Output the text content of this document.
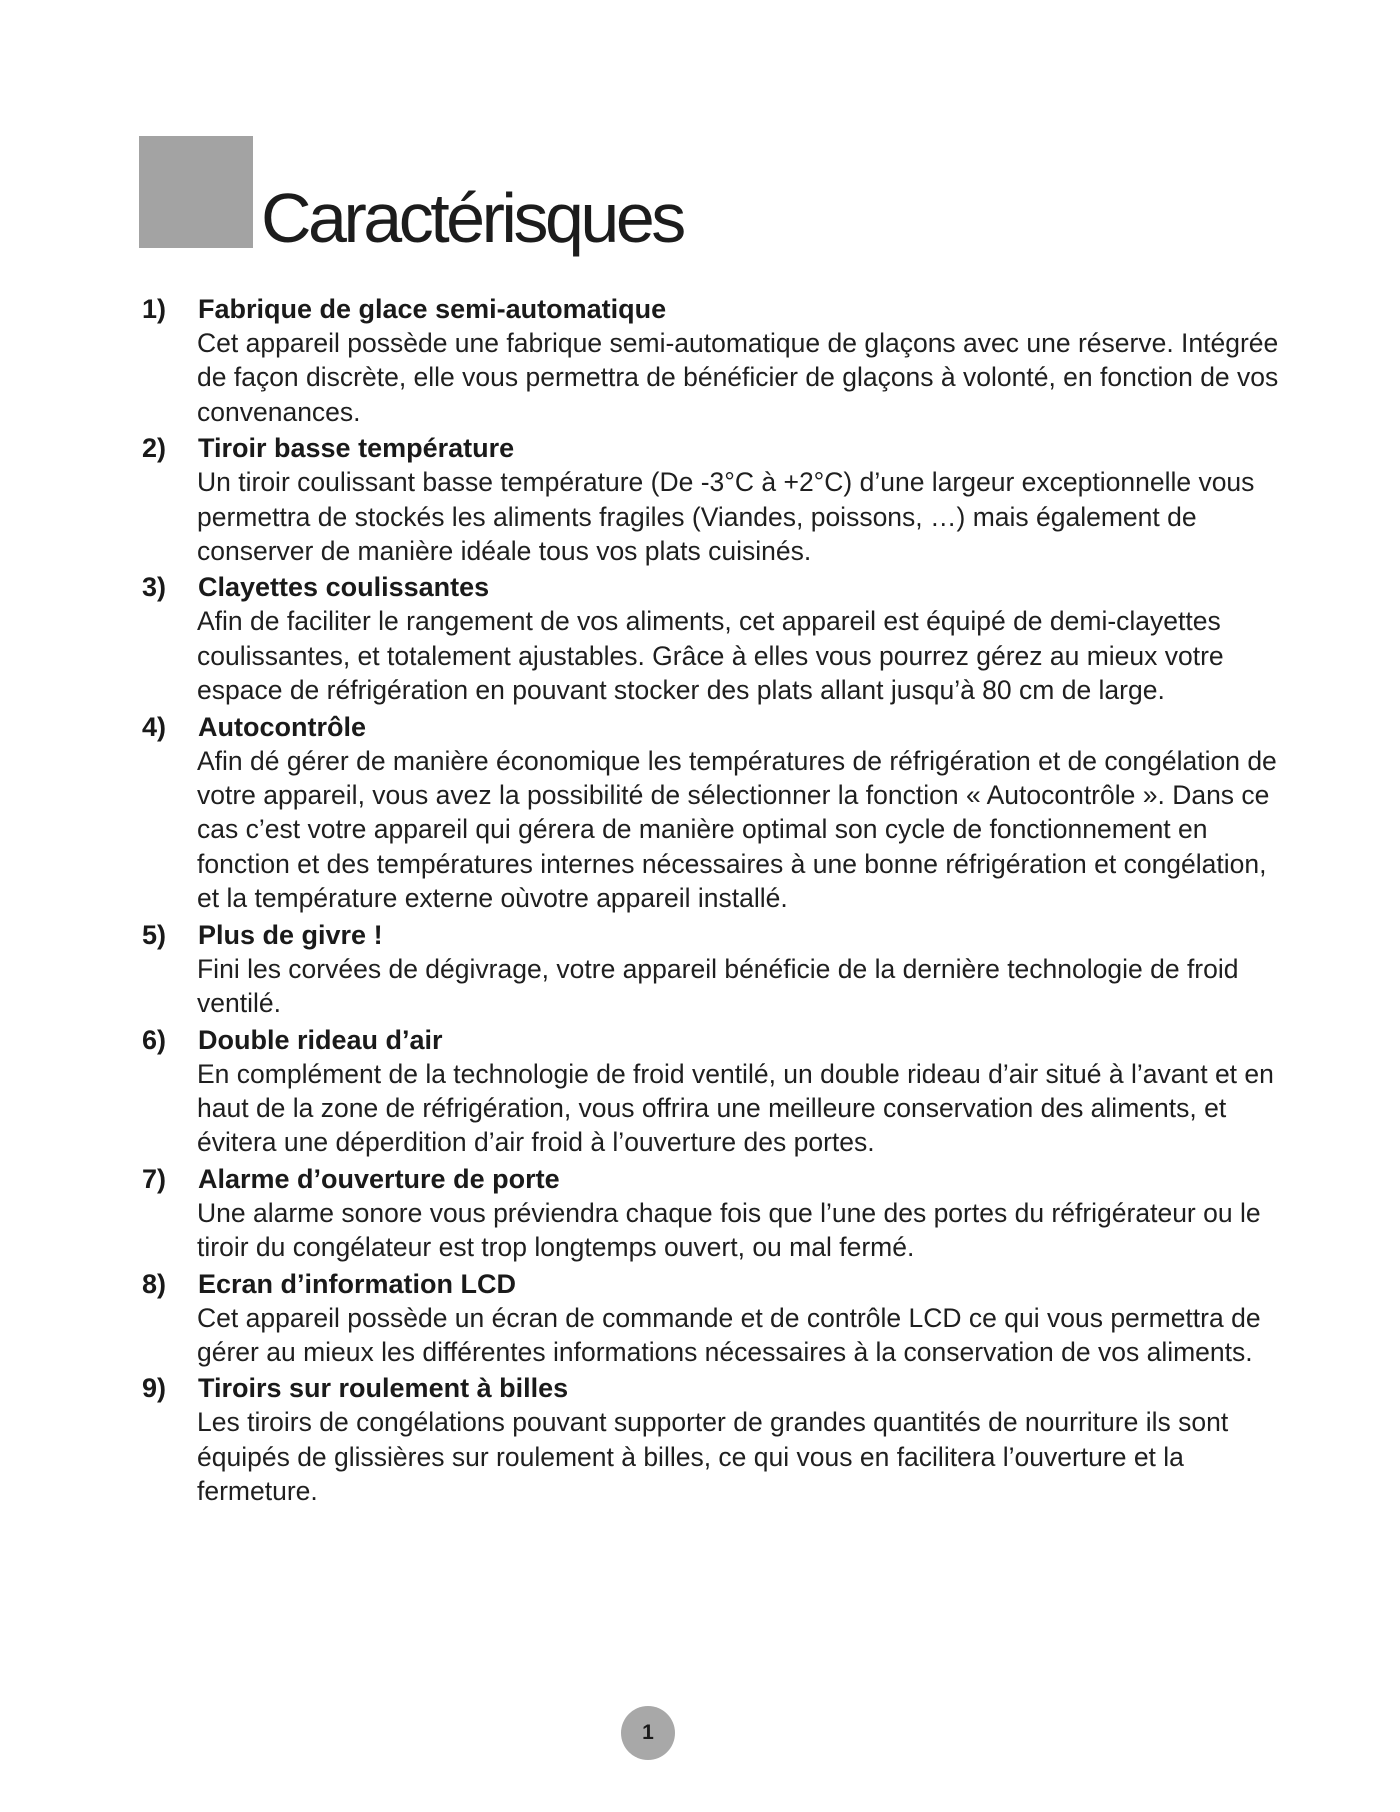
Caractérisques
1) Fabrique de glace semi-automatique
Cet appareil possède une fabrique semi-automatique de glaçons avec une réserve. Intégrée de façon discrète, elle vous permettra de bénéficier de glaçons à volonté, en fonction de vos convenances.
2) Tiroir basse température
Un tiroir coulissant basse température (De -3°C à +2°C) d’une largeur exceptionnelle vous permettra de stockés les aliments fragiles (Viandes, poissons, …) mais également de conserver de manière idéale tous vos plats cuisinés.
3) Clayettes coulissantes
Afin de faciliter le rangement de vos aliments, cet appareil est équipé de demi-clayettes coulissantes, et totalement ajustables. Grâce à elles vous pourrez gérez au mieux votre espace de réfrigération en pouvant stocker des plats allant jusqu’à 80 cm de large.
4) Autocontrôle
Afin dé gérer de manière économique les températures de réfrigération et de congélation de votre appareil, vous avez la possibilité de sélectionner la fonction « Autocontrôle ». Dans ce cas c’est votre appareil qui gérera de manière optimal son cycle de fonctionnement en fonction et des températures internes nécessaires à une bonne réfrigération et congélation, et la température externe oùvotre appareil installé.
5) Plus de givre !
Fini les corvées de dégivrage, votre appareil bénéficie de la dernière technologie de froid ventilé.
6) Double rideau d’air
En complément de la technologie de froid ventilé, un double rideau d’air situé à l’avant et en haut de la zone de réfrigération, vous offrira une meilleure conservation des aliments, et évitera une déperdition d’air froid à l’ouverture des portes.
7) Alarme d’ouverture de porte
Une alarme sonore vous préviendra chaque fois que l’une des portes du réfrigérateur ou le tiroir du congélateur est trop longtemps ouvert, ou mal fermé.
8) Ecran d’information LCD
Cet appareil possède un écran de commande et de contrôle LCD ce qui vous permettra de gérer au mieux les différentes informations nécessaires à la conservation de vos aliments.
9) Tiroirs sur roulement à billes
Les tiroirs de congélations pouvant supporter de grandes quantités de nourriture ils sont équipés de glissières sur roulement à billes, ce qui vous en facilitera l’ouverture et la fermeture.
1
